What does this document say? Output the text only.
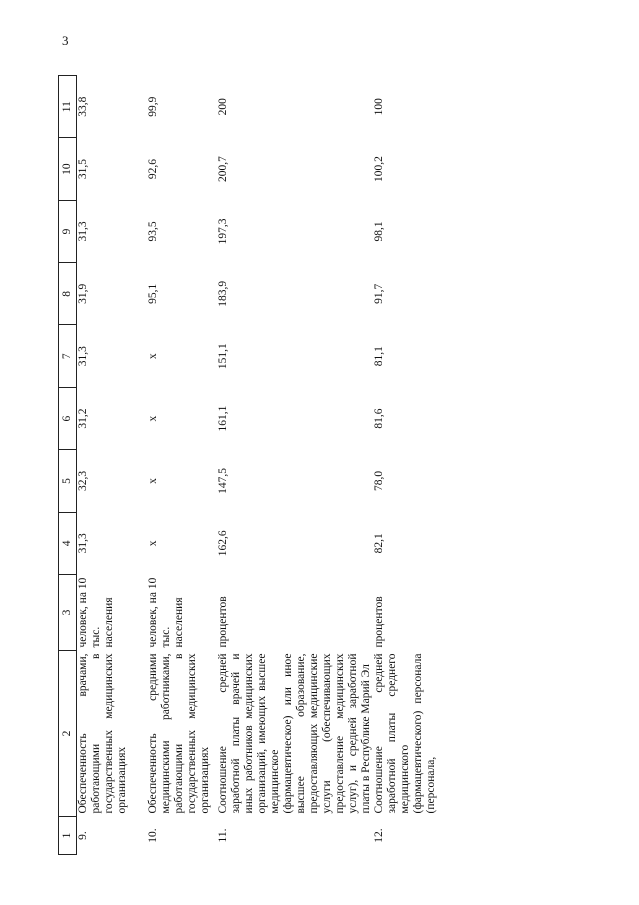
3
1	2	3	4	5	6	7	8	9	10	11
9.	Обеспеченность врачами, работающими в государственных медицинских организациях	человек, на 10 тыс. населения	31,3	32,3	31,2	31,3	31,9	31,3	31,5	33,8
10.	Обеспеченность средними медицинскими работниками, работающими в государственных медицинских организациях	человек, на 10 тыс. населения	х	х	х	х	95,1	93,5	92,6	99,9
11.	Соотношение средней заработной платы врачей и иных работников медицинских организаций, имеющих высшее медицинское (фармацевтическое) или иное высшее образование, предоставляющих медицинские услуги (обеспечивающих предоставление медицинских услуг), и средней заработной платы в Республике Марий Эл	процентов	162,6	147,5	161,1	151,1	183,9	197,3	200,7	200
12.	Соотношение средней заработной платы среднего медицинского (фармацевтического) персонала (персонала,	процентов	82,1	78,0	81,6	81,1	91,7	98,1	100,2	100
